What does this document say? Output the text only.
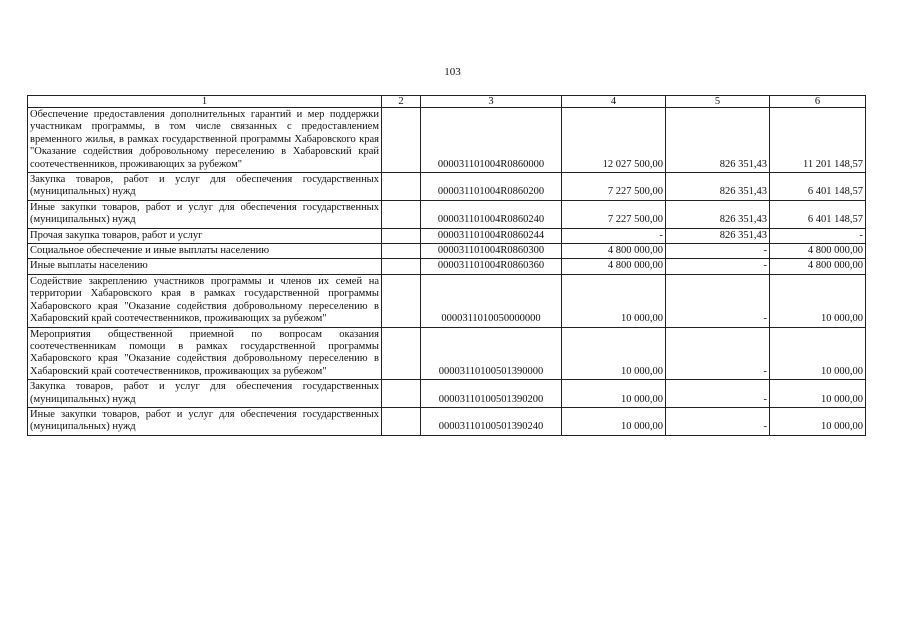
103
1	2	3	4	5	6
Обеспечение предоставления дополнительных гарантий и мер поддержки участникам программы, в том числе связанных с предоставлением временного жилья, в рамках государственной программы Хабаровского края "Оказание содействия добровольному переселению в Хабаровский край соотечественников, проживающих за рубежом"		000031101004R0860000	12 027 500,00	826 351,43	11 201 148,57
Закупка товаров, работ и услуг для обеспечения государственных (муниципальных) нужд		000031101004R0860200	7 227 500,00	826 351,43	6 401 148,57
Иные закупки товаров, работ и услуг для обеспечения государственных (муниципальных) нужд		000031101004R0860240	7 227 500,00	826 351,43	6 401 148,57
Прочая закупка товаров, работ и услуг		000031101004R0860244	-	826 351,43	-
Социальное обеспечение и иные выплаты населению		000031101004R0860300	4 800 000,00	-	4 800 000,00
Иные выплаты населению		000031101004R0860360	4 800 000,00	-	4 800 000,00
Содействие закреплению участников программы и членов их семей на территории Хабаровского края в рамках государственной программы Хабаровского края "Оказание содействия добровольному переселению в Хабаровский край соотечественников, проживающих за рубежом"		0000311010050000000	10 000,00	-	10 000,00
Мероприятия общественной приемной по вопросам оказания соотечественникам помощи в рамках государственной программы Хабаровского края "Оказание содействия добровольному переселению в Хабаровский край соотечественников, проживающих за рубежом"		00003110100501390000	10 000,00	-	10 000,00
Закупка товаров, работ и услуг для обеспечения государственных (муниципальных) нужд		00003110100501390200	10 000,00	-	10 000,00
Иные закупки товаров, работ и услуг для обеспечения государственных (муниципальных) нужд		00003110100501390240	10 000,00	-	10 000,00
